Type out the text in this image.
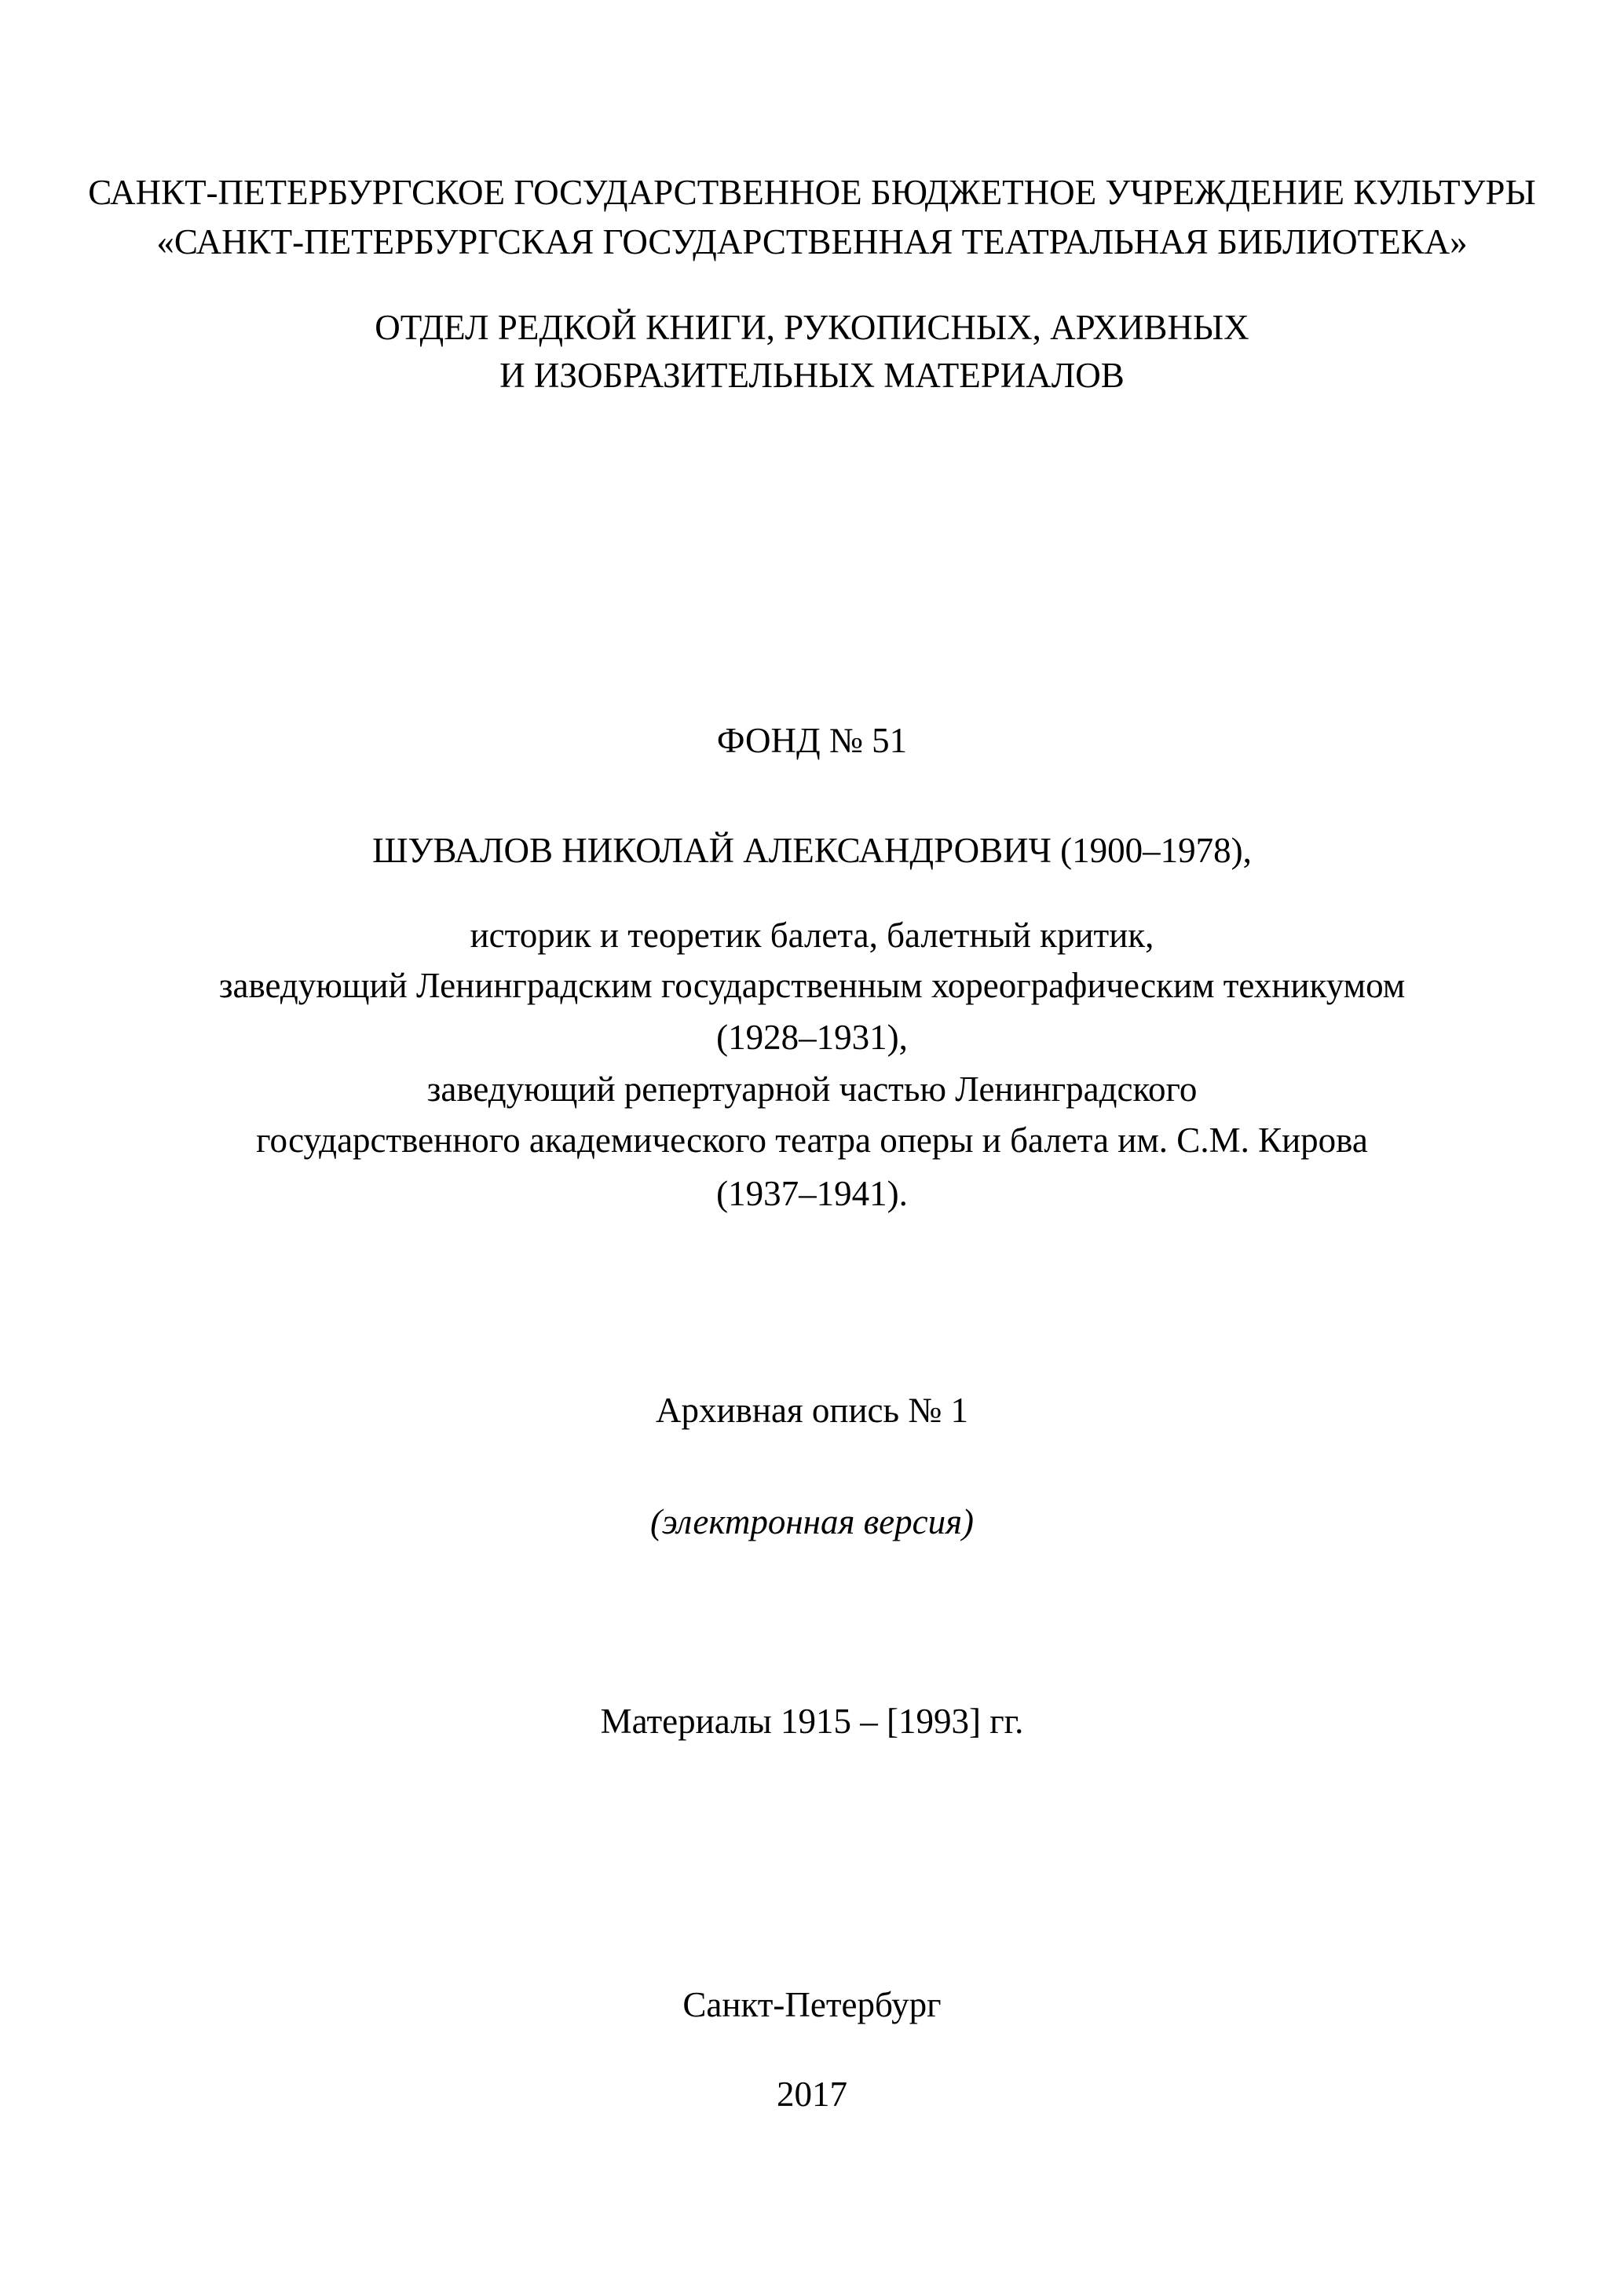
САНКТ-ПЕТЕРБУРГСКОЕ ГОСУДАРСТВЕННОЕ БЮДЖЕТНОЕ УЧРЕЖДЕНИЕ КУЛЬТУРЫ
«САНКТ-ПЕТЕРБУРГСКАЯ ГОСУДАРСТВЕННАЯ ТЕАТРАЛЬНАЯ БИБЛИОТЕКА»
ОТДЕЛ РЕДКОЙ КНИГИ, РУКОПИСНЫХ, АРХИВНЫХ
И ИЗОБРАЗИТЕЛЬНЫХ МАТЕРИАЛОВ
ФОНД № 51
ШУВАЛОВ НИКОЛАЙ АЛЕКСАНДРОВИЧ (1900–1978),
историк и теоретик балета, балетный критик,
заведующий Ленинградским государственным хореографическим техникумом
(1928–1931),
заведующий репертуарной частью Ленинградского
государственного академического театра оперы и балета им. С.М. Кирова
(1937–1941).
Архивная опись № 1
(электронная версия)
Материалы 1915 – [1993] гг.
Санкт-Петербург
2017
